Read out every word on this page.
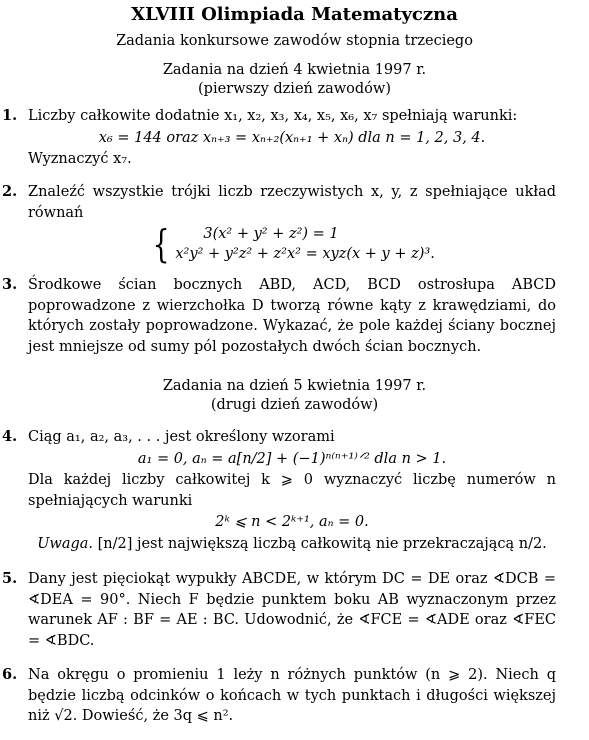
XLVIII Olimpiada Matematyczna
Zadania konkursowe zawodów stopnia trzeciego
Zadania na dzień 4 kwietnia 1997 r.
(pierwszy dzień zawodów)
1. Liczby całkowite dodatnie x₁, x₂, x₃, x₄, x₅, x₆, x₇ spełniają warunki:
x₆ = 144 oraz xₙ₊₃ = xₙ₊₂(xₙ₊₁ + xₙ) dla n = 1, 2, 3, 4.
Wyznaczyć x₇.
2. Znaleźć wszystkie trójki liczb rzeczywistych x, y, z spełniające układ równań
{	3(x² + y² + z²) = 1
x²y² + y²z² + z²x² = xyz(x + y + z)³.
3. Środkowe ścian bocznych ABD, ACD, BCD ostrosłupa ABCD poprowadzone z wierzchołka D tworzą równe kąty z krawędziami, do których zostały poprowadzone. Wykazać, że pole każdej ściany bocznej jest mniejsze od sumy pól pozostałych dwóch ścian bocznych.
Zadania na dzień 5 kwietnia 1997 r.
(drugi dzień zawodów)
4. Ciąg a₁, a₂, a₃, . . . jest określony wzorami
a₁ = 0, aₙ = a[n/2] + (−1)ⁿ⁽ⁿ⁺¹⁾ᐟ² dla n > 1.
Dla każdej liczby całkowitej k ⩾ 0 wyznaczyć liczbę numerów n spełniających warunki
2ᵏ ⩽ n < 2ᵏ⁺¹, aₙ = 0.
Uwaga. [n/2] jest największą liczbą całkowitą nie przekraczającą n/2.
5. Dany jest pięciokąt wypukły ABCDE, w którym DC = DE oraz ∢DCB = ∢DEA = 90°. Niech F będzie punktem boku AB wyznaczonym przez warunek AF : BF = AE : BC. Udowodnić, że ∢FCE = ∢ADE oraz ∢FEC = ∢BDC.
6. Na okręgu o promieniu 1 leży n różnych punktów (n ⩾ 2). Niech q będzie liczbą odcinków o końcach w tych punktach i długości większej niż √2. Dowieść, że 3q ⩽ n².
